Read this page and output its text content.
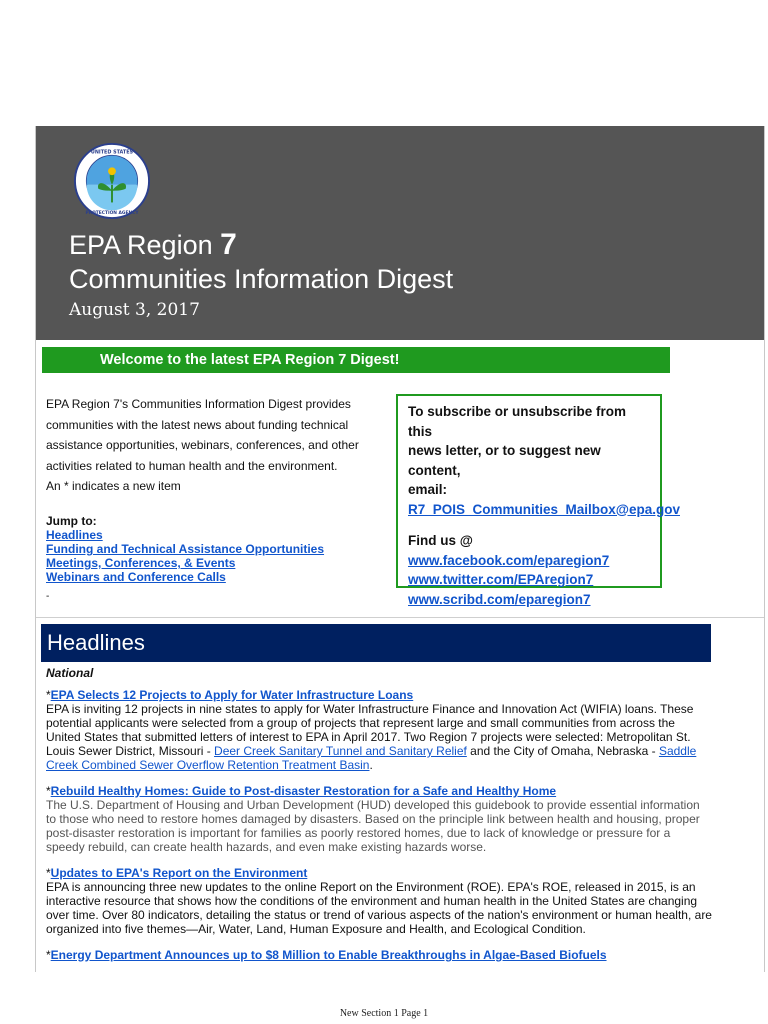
UNITED STATES
PROTECTION AGENCY
EPA Region 7
Communities Information Digest
August 3, 2017
Welcome to the latest EPA Region 7 Digest!
EPA Region 7's Communities Information Digest provides communities with the latest news about funding technical assistance opportunities, webinars, conferences, and other activities related to human health and the environment.
An * indicates a new item
Jump to:
Headlines
Funding and Technical Assistance Opportunities
Meetings, Conferences, & Events
Webinars and Conference Calls
-
To subscribe or unsubscribe from this
news letter, or to suggest new content,
email:
R7_POIS_Communities_Mailbox@epa.gov
Find us @
www.facebook.com/eparegion7
www.twitter.com/EPAregion7
www.scribd.com/eparegion7
Headlines
National
*EPA Selects 12 Projects to Apply for Water Infrastructure Loans
EPA is inviting 12 projects in nine states to apply for Water Infrastructure Finance and Innovation Act (WIFIA) loans. These potential applicants were selected from a group of projects that represent large and small communities from across the United States that submitted letters of interest to EPA in April 2017. Two Region 7 projects were selected: Metropolitan St. Louis Sewer District, Missouri - Deer Creek Sanitary Tunnel and Sanitary Relief and the City of Omaha, Nebraska - Saddle Creek Combined Sewer Overflow Retention Treatment Basin.
*Rebuild Healthy Homes: Guide to Post-disaster Restoration for a Safe and Healthy Home
The U.S. Department of Housing and Urban Development (HUD) developed this guidebook to provide essential information to those who need to restore homes damaged by disasters. Based on the principle link between health and housing, proper post-disaster restoration is important for families as poorly restored homes, due to lack of knowledge or pressure for a speedy rebuild, can create health hazards, and even make existing hazards worse.
*Updates to EPA's Report on the Environment
EPA is announcing three new updates to the online Report on the Environment (ROE). EPA's ROE, released in 2015, is an interactive resource that shows how the conditions of the environment and human health in the United States are changing over time. Over 80 indicators, detailing the status or trend of various aspects of the nation's environment or human health, are organized into five themes—Air, Water, Land, Human Exposure and Health, and Ecological Condition.
*Energy Department Announces up to $8 Million to Enable Breakthroughs in Algae-Based Biofuels
New Section 1 Page 1
